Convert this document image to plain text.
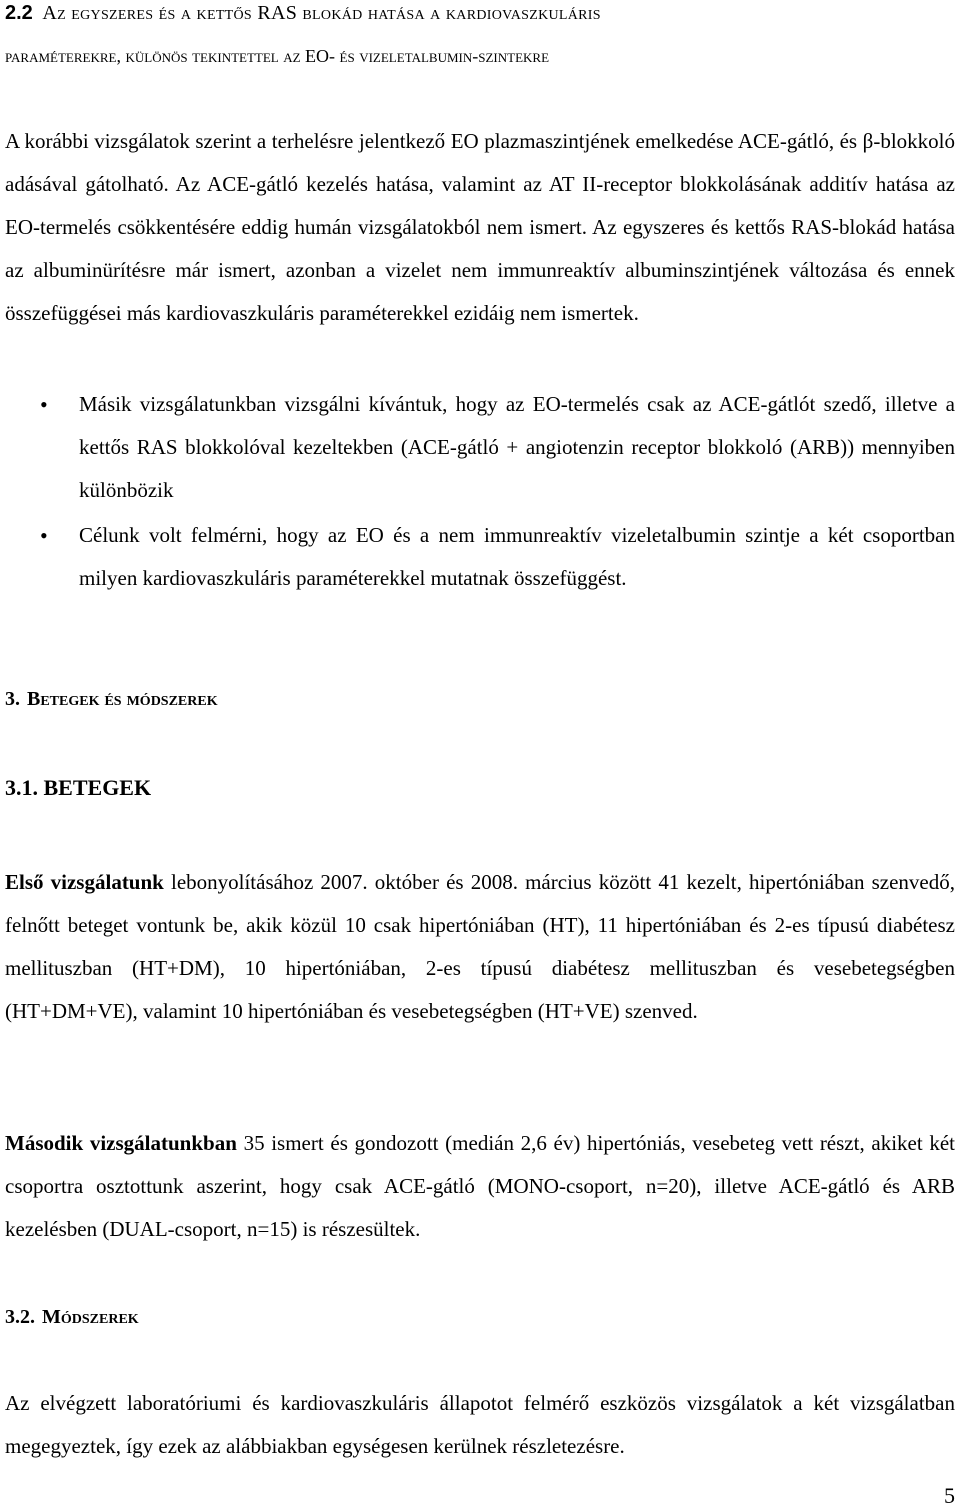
2.2 Az egyszeres és a kettős RAS blokád hatása a kardiovaszkuláris
paraméterekre, különös tekintettel az EO- és vizeletalbumin-szintekre
A korábbi vizsgálatok szerint a terhelésre jelentkező EO plazmaszintjének emelkedése ACE-gátló, és β-blokkoló adásával gátolható. Az ACE-gátló kezelés hatása, valamint az AT II-receptor blokkolásának additív hatása az EO-termelés csökkentésére eddig humán vizsgálatokból nem ismert. Az egyszeres és kettős RAS-blokád hatása az albuminürítésre már ismert, azonban a vizelet nem immunreaktív albuminszintjének változása és ennek összefüggései más kardiovaszkuláris paraméterekkel ezidáig nem ismertek.
• Másik vizsgálatunkban vizsgálni kívántuk, hogy az EO-termelés csak az ACE-gátlót szedő, illetve a kettős RAS blokkolóval kezeltekben (ACE-gátló + angiotenzin receptor blokkoló (ARB)) mennyiben különbözik
• Célunk volt felmérni, hogy az EO és a nem immunreaktív vizeletalbumin szintje a két csoportban milyen kardiovaszkuláris paraméterekkel mutatnak összefüggést.
3. Betegek és módszerek
3.1. BETEGEK
Első vizsgálatunk lebonyolításához 2007. október és 2008. március között 41 kezelt, hipertóniában szenvedő, felnőtt beteget vontunk be, akik közül 10 csak hipertóniában (HT), 11 hipertóniában és 2-es típusú diabétesz mellituszban (HT+DM), 10 hipertóniában, 2-es típusú diabétesz mellituszban és vesebetegségben (HT+DM+VE), valamint 10 hipertóniában és vesebetegségben (HT+VE) szenved.
Második vizsgálatunkban 35 ismert és gondozott (medián 2,6 év) hipertóniás, vesebeteg vett részt, akiket két csoportra osztottunk aszerint, hogy csak ACE-gátló (MONO-csoport, n=20), illetve ACE-gátló és ARB kezelésben (DUAL-csoport, n=15) is részesültek.
3.2. Módszerek
Az elvégzett laboratóriumi és kardiovaszkuláris állapotot felmérő eszközös vizsgálatok a két vizsgálatban megegyeztek, így ezek az alábbiakban egységesen kerülnek részletezésre.
5
